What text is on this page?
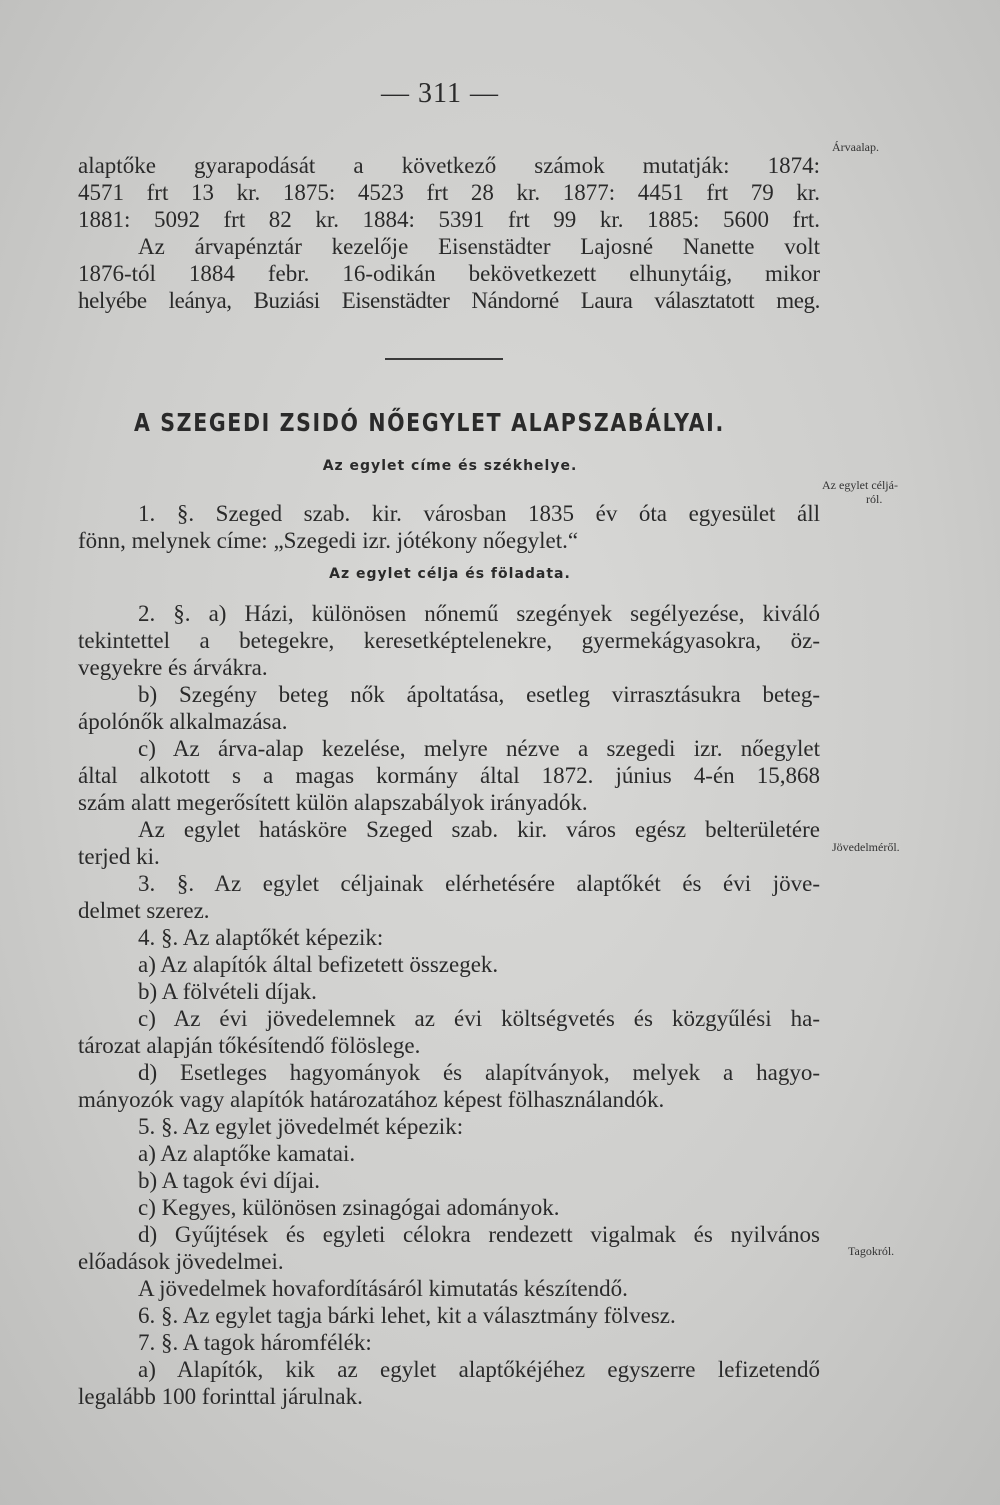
— 311 —
Árvaalap.
alaptőke gyarapodását a következő számok mutatják: 1874:
4571 frt 13 kr. 1875: 4523 frt 28 kr. 1877: 4451 frt 79 kr.
1881: 5092 frt 82 kr. 1884: 5391 frt 99 kr. 1885: 5600 frt.
Az árvapénztár kezelője Eisenstädter Lajosné Nanette volt
1876-tól 1884 febr. 16-odikán bekövetkezett elhunytáig, mikor
helyébe leánya, Buziási Eisenstädter Nándorné Laura választatott meg.
A SZEGEDI ZSIDÓ NŐEGYLET ALAPSZABÁLYAI.
Az egylet címe és székhelye.
Az egylet céljá-
ról.
1. §. Szeged szab. kir. városban 1835 év óta egyesület áll
fönn, melynek címe: „Szegedi izr. jótékony nőegylet.“
Az egylet célja és föladata.
Jövedelméről.
Tagokról.
2. §. a) Házi, különösen nőnemű szegények segélyezése, kiváló
tekintettel a betegekre, keresetképtelenekre, gyermekágyasokra, öz-
vegyekre és árvákra.
b) Szegény beteg nők ápoltatása, esetleg virrasztásukra beteg-
ápolónők alkalmazása.
c) Az árva-alap kezelése, melyre nézve a szegedi izr. nőegylet
által alkotott s a magas kormány által 1872. június 4-én 15,868
szám alatt megerősített külön alapszabályok irányadók.
Az egylet hatásköre Szeged szab. kir. város egész belterületére
terjed ki.
3. §. Az egylet céljainak elérhetésére alaptőkét és évi jöve-
delmet szerez.
4. §. Az alaptőkét képezik:
a) Az alapítók által befizetett összegek.
b) A fölvételi díjak.
c) Az évi jövedelemnek az évi költségvetés és közgyűlési ha-
tározat alapján tőkésítendő fölöslege.
d) Esetleges hagyományok és alapítványok, melyek a hagyo-
mányozók vagy alapítók határozatához képest fölhasználandók.
5. §. Az egylet jövedelmét képezik:
a) Az alaptőke kamatai.
b) A tagok évi díjai.
c) Kegyes, különösen zsinagógai adományok.
d) Gyűjtések és egyleti célokra rendezett vigalmak és nyilvános
előadások jövedelmei.
A jövedelmek hovafordításáról kimutatás készítendő.
6. §. Az egylet tagja bárki lehet, kit a választmány fölvesz.
7. §. A tagok háromfélék:
a) Alapítók, kik az egylet alaptőkéjéhez egyszerre lefizetendő
legalább 100 forinttal járulnak.
